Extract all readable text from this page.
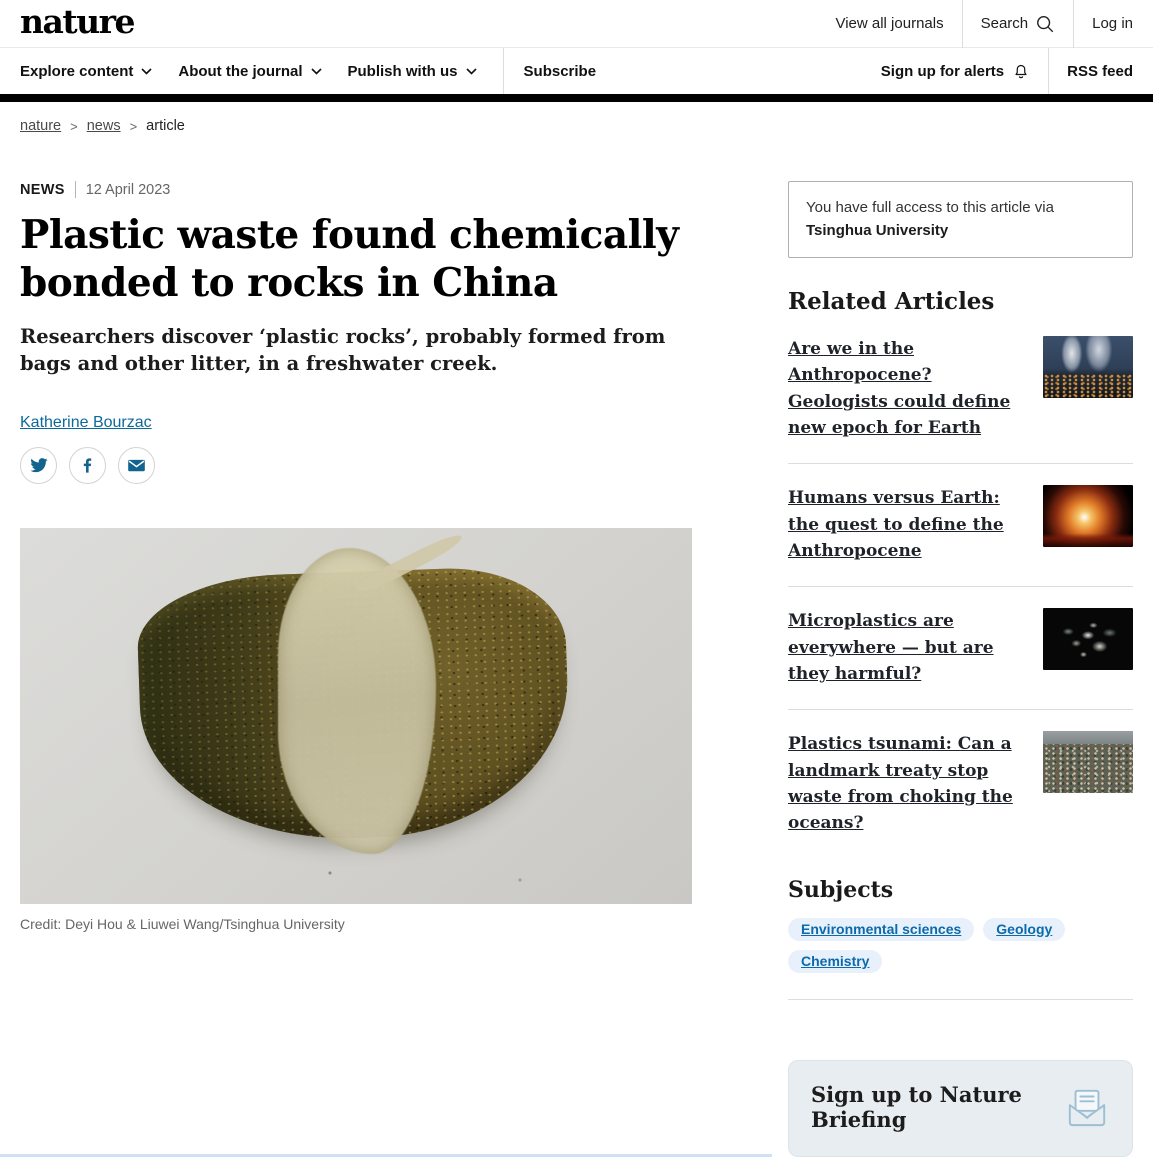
nature	View all journals Search	Log in
Explore content	About the journal	Publish with us	Subscribe	Sign up for alerts	RSS feed
nature > news > article
NEWS 12 April 2023
Plastic waste found chemically bonded to rocks in China

Researchers discover ‘plastic rocks’, probably formed from bags and other litter, in a freshwater creek.

Katherine Bourzac
Credit: Deyi Hou & Liuwei Wang/Tsinghua University
You have full access to this article via Tsinghua University
Related Articles
Are we in the Anthropocene? Geologists could define new epoch for Earth
Humans versus Earth: the quest to define the Anthropocene
Microplastics are everywhere — but are they harmful?
Plastics tsunami: Can a landmark treaty stop waste from choking the oceans?
Subjects
Environmental sciences	Geology
Chemistry
Sign up to Nature Briefing
